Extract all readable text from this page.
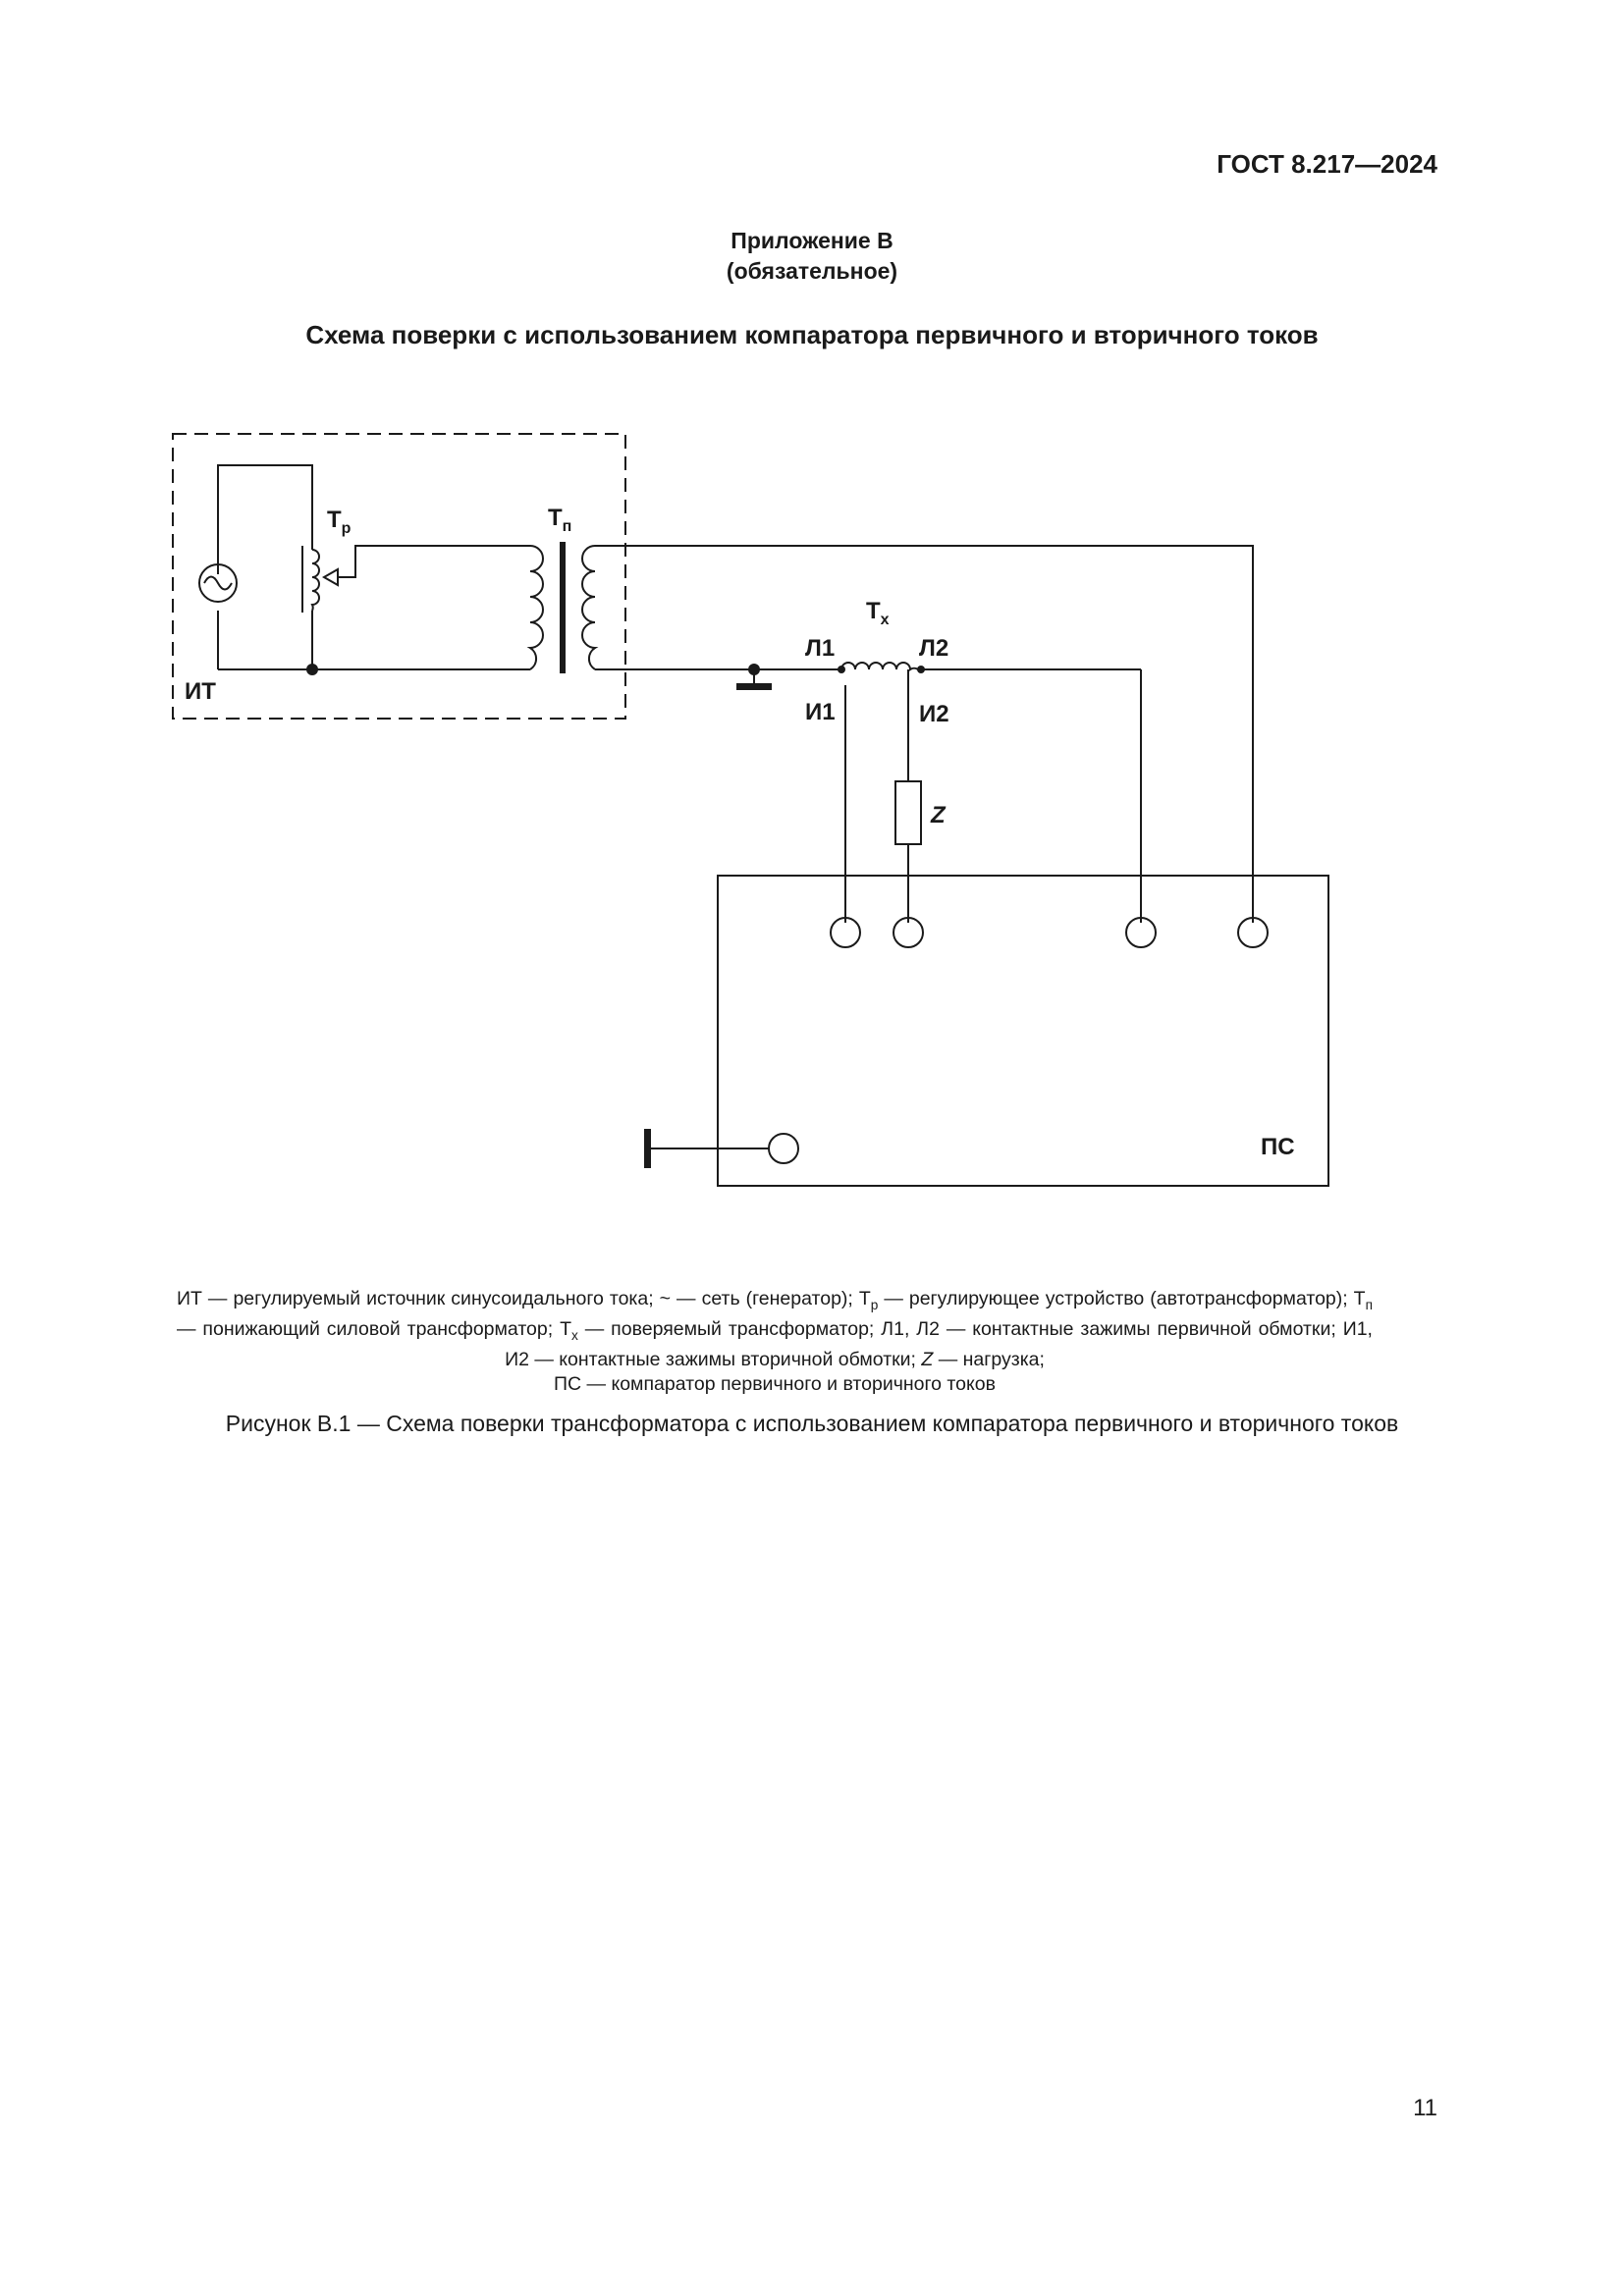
ГОСТ 8.217—2024
Приложение В
(обязательное)
Схема поверки с использованием компаратора первичного и вторичного токов
$Т_р$	$Т_п$
$Т_х$
ИТ
Л1	Л2
И1	И2
Z
ПС
ИТ — регулируемый источник синусоидального тока; ~ — сеть (генератор); $Т_р$ — регулирующее устройство (автотрансформатор); $Т_п$ — понижающий силовой трансформатор; $Т_х$ — поверяемый трансформатор; Л1, Л2 — контактные зажимы первичной обмотки; И1, И2 — контактные зажимы вторичной обмотки; Z — нагрузка;
ПС — компаратор первичного и вторичного токов
Рисунок В.1 — Схема поверки трансформатора с использованием компаратора первичного и вторичного токов
11
